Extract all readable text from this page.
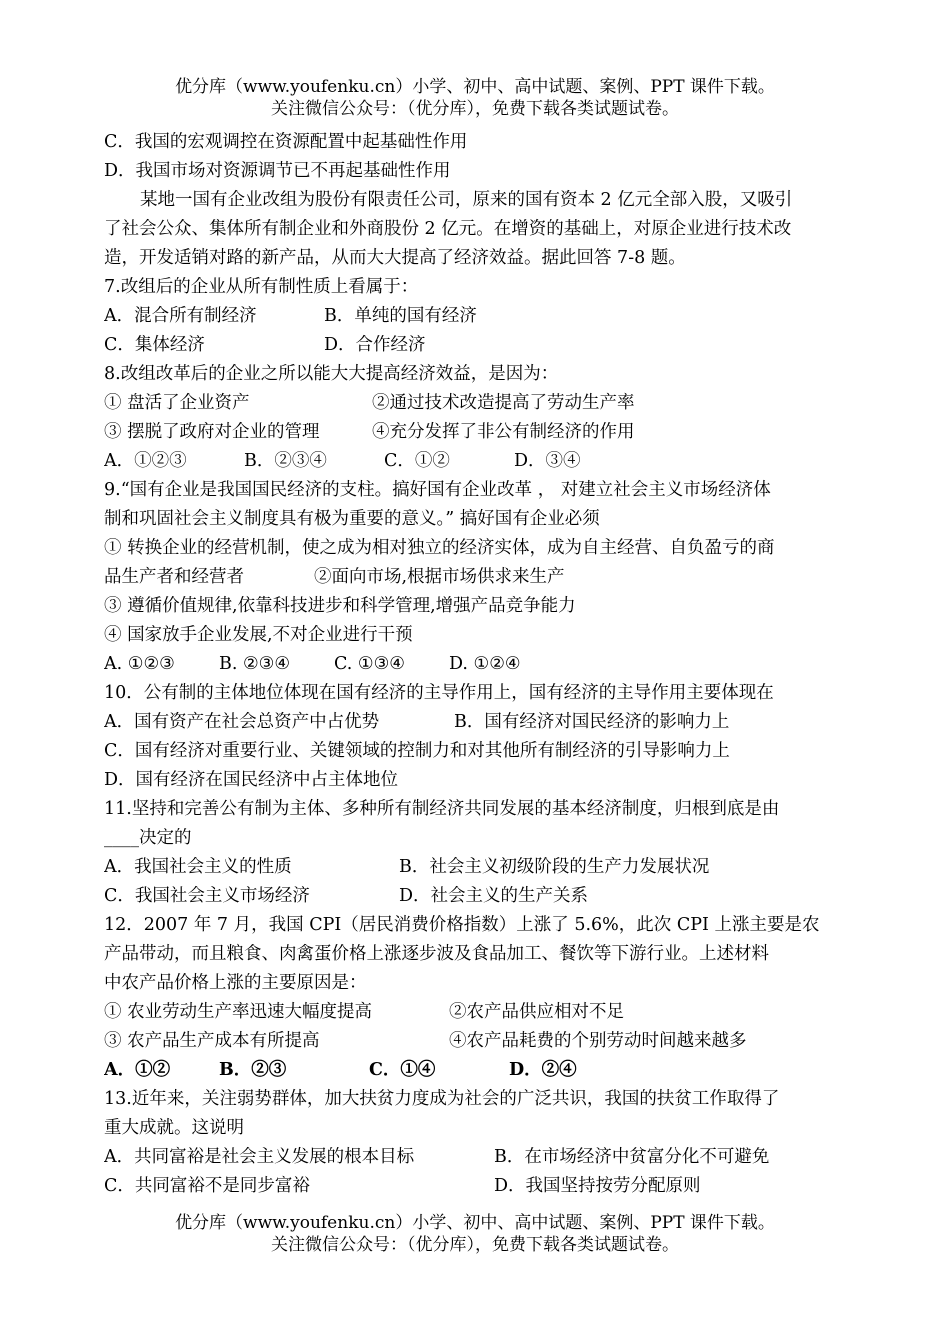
优分库（www.youfenku.cn）小学、初中、高中试题、案例、PPT 课件下载。
关注微信公众号：（优分库），免费下载各类试题试卷。
C．我国的宏观调控在资源配置中起基础性作用
D．我国市场对资源调节已不再起基础性作用
某地一国有企业改组为股份有限责任公司，原来的国有资本 2 亿元全部入股，又吸引
了社会公众、集体所有制企业和外商股份 2 亿元。在增资的基础上，对原企业进行技术改
造，开发适销对路的新产品，从而大大提高了经济效益。据此回答 7-8 题。
7.改组后的企业从所有制性质上看属于：
A．混合所有制经济	B．单纯的国有经济
C．集体经济	D．合作经济
8.改组改革后的企业之所以能大大提高经济效益，是因为：
① 盘活了企业资产	②通过技术改造提高了劳动生产率
③ 摆脱了政府对企业的管理	④充分发挥了非公有制经济的作用
A．①②③	B．②③④	C．①②	D．③④
9.“国有企业是我国国民经济的支柱。搞好国有企业改革 ， 对建立社会主义市场经济体
制和巩固社会主义制度具有极为重要的意义。” 搞好国有企业必须
① 转换企业的经营机制，使之成为相对独立的经济实体，成为自主经营、自负盈亏的商
品生产者和经营者	②面向市场,根据市场供求来生产
③ 遵循价值规律,依靠科技进步和科学管理,增强产品竞争能力
④ 国家放手企业发展,不对企业进行干预
A. ①②③	B. ②③④	C. ①③④	D. ①②④
10．公有制的主体地位体现在国有经济的主导作用上，国有经济的主导作用主要体现在
A．国有资产在社会总资产中占优势	B．国有经济对国民经济的影响力上
C．国有经济对重要行业、关键领域的控制力和对其他所有制经济的引导影响力上
D．国有经济在国民经济中占主体地位
11.坚持和完善公有制为主体、多种所有制经济共同发展的基本经济制度，归根到底是由
____决定的
A．我国社会主义的性质	B．社会主义初级阶段的生产力发展状况
C．我国社会主义市场经济	D．社会主义的生产关系
12．2007 年 7 月，我国 CPI（居民消费价格指数）上涨了 5.6%，此次 CPI 上涨主要是农
产品带动，而且粮食、肉禽蛋价格上涨逐步波及食品加工、餐饮等下游行业。上述材料
中农产品价格上涨的主要原因是：
① 农业劳动生产率迅速大幅度提高	②农产品供应相对不足
③ 农产品生产成本有所提高	④农产品耗费的个别劳动时间越来越多
A．①②	B．②③	C．①④	D．②④
13.近年来，关注弱势群体，加大扶贫力度成为社会的广泛共识，我国的扶贫工作取得了
重大成就。这说明
A．共同富裕是社会主义发展的根本目标	B．在市场经济中贫富分化不可避免
C．共同富裕不是同步富裕	D．我国坚持按劳分配原则
优分库（www.youfenku.cn）小学、初中、高中试题、案例、PPT 课件下载。
关注微信公众号：（优分库），免费下载各类试题试卷。
